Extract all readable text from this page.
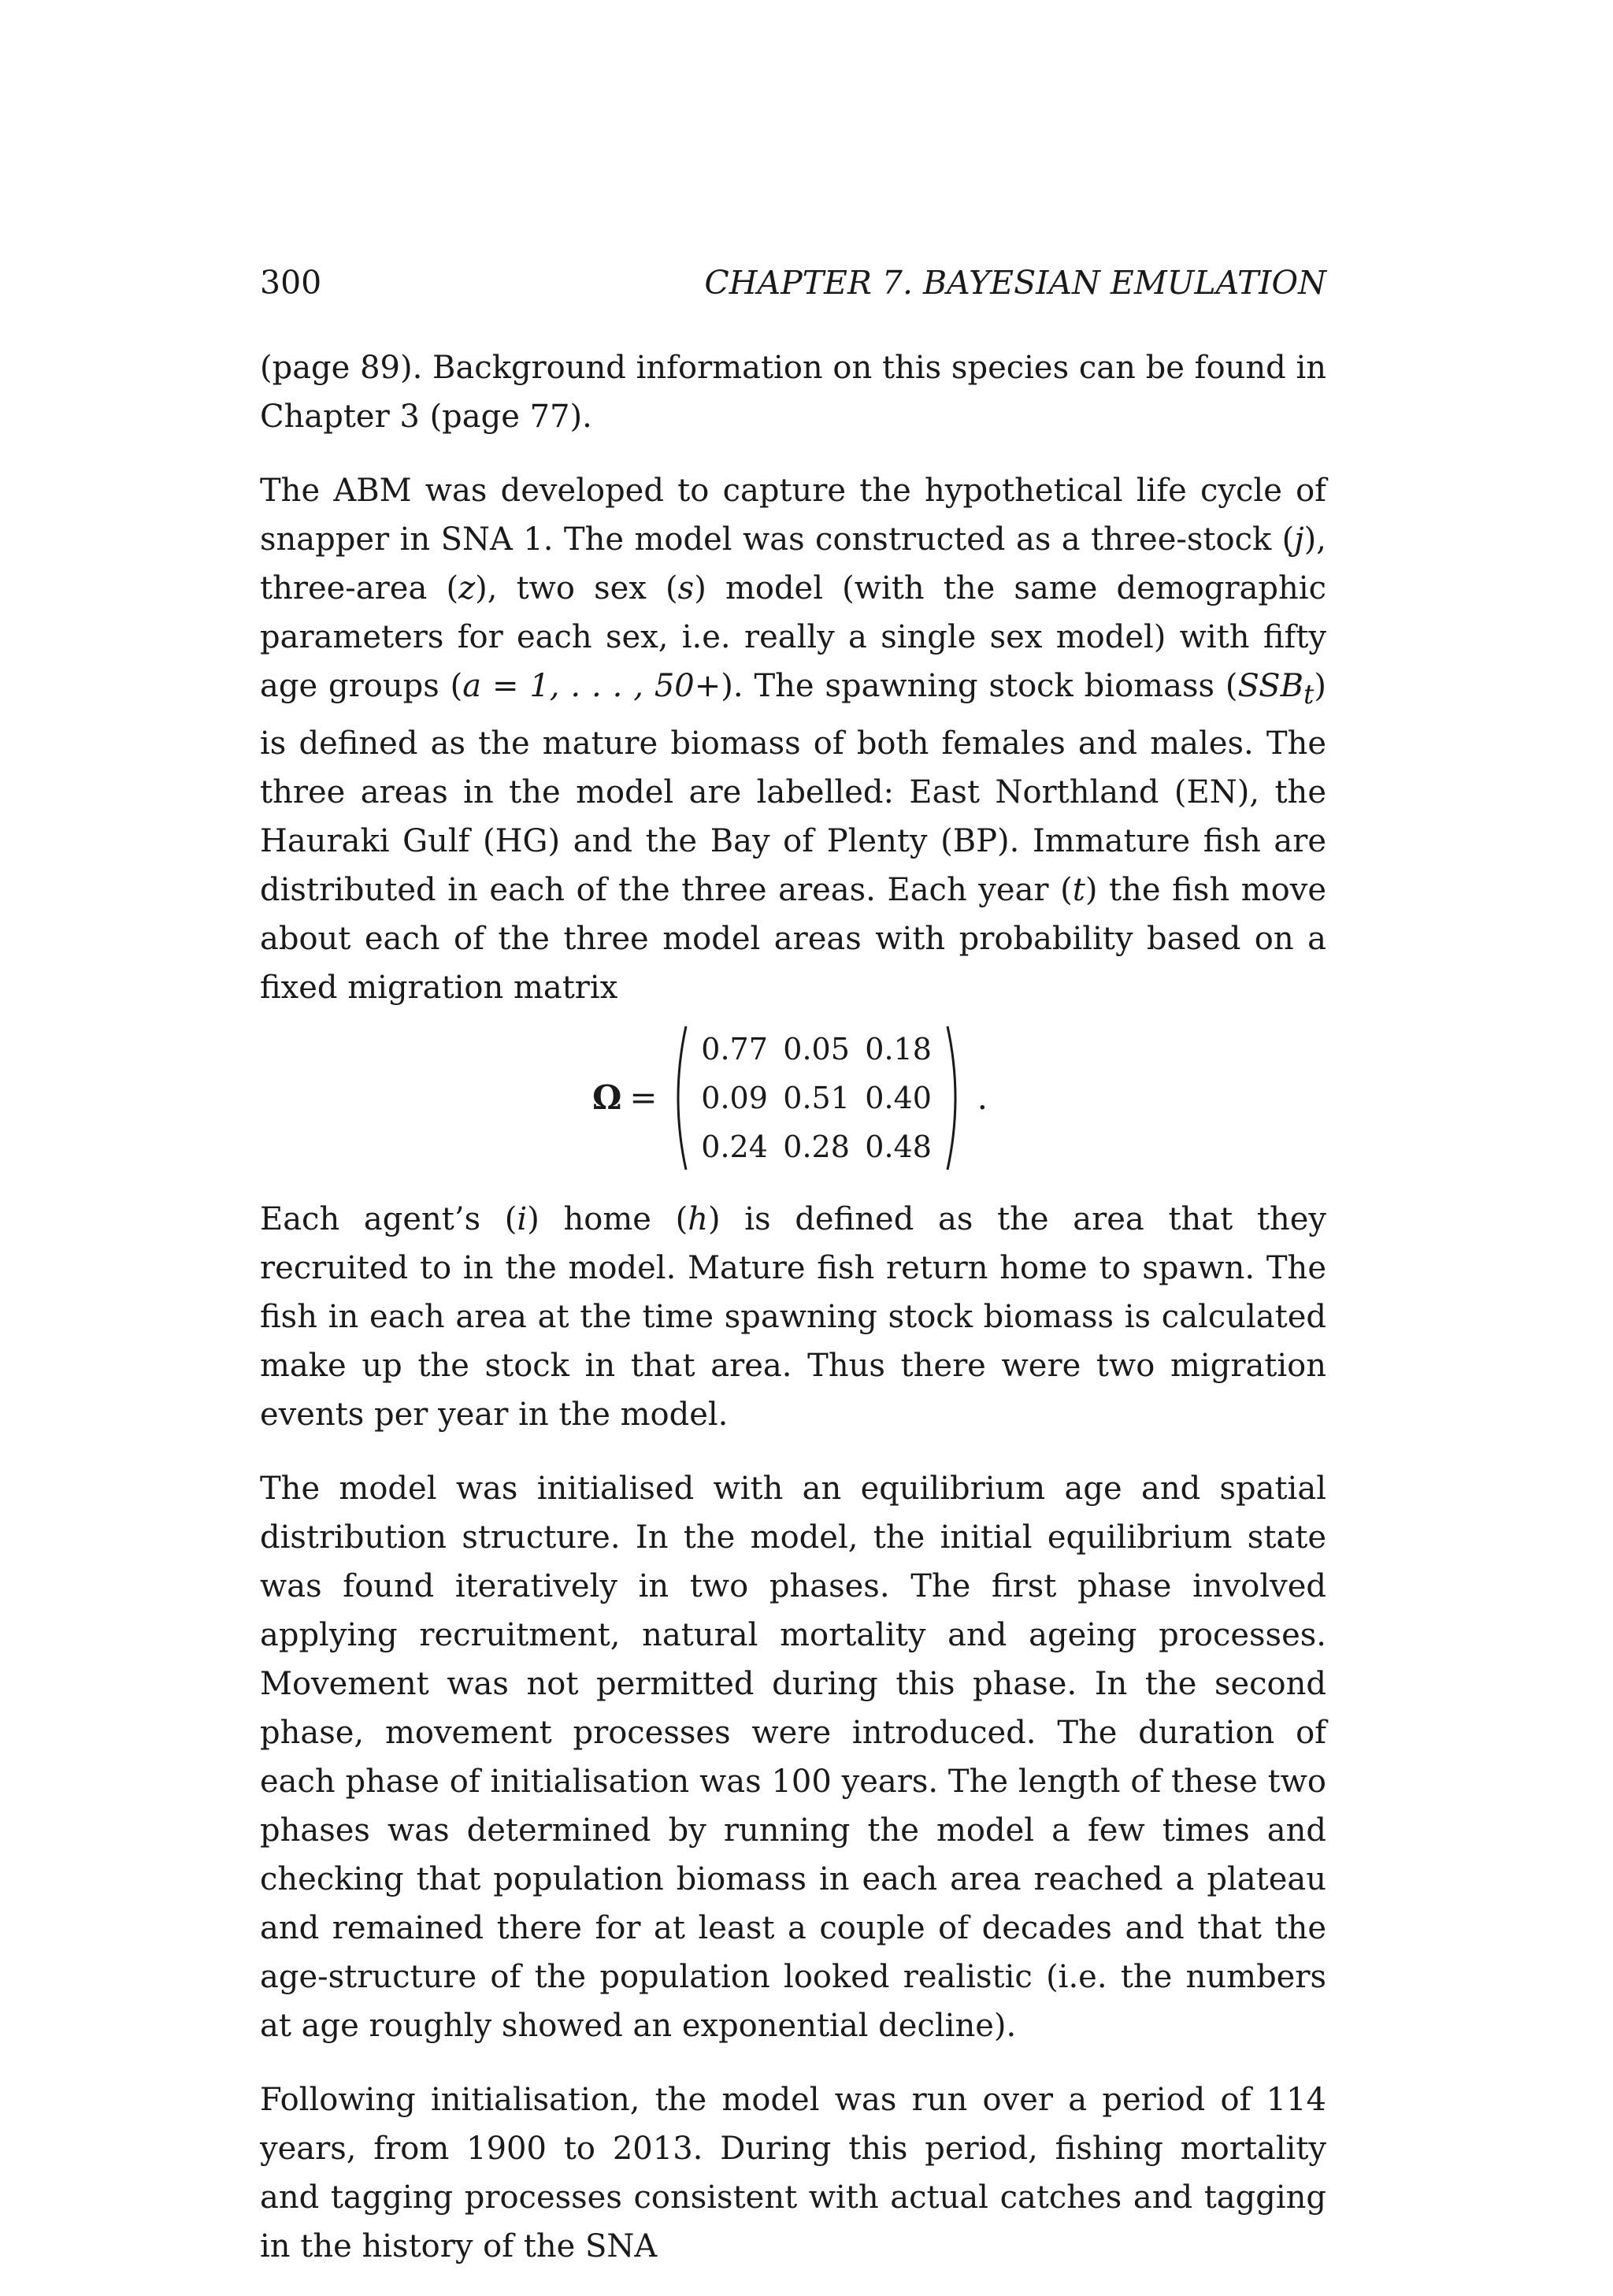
300	CHAPTER 7. BAYESIAN EMULATION

(page 89). Background information on this species can be found in Chapter 3 (page 77).

The ABM was developed to capture the hypothetical life cycle of snapper in SNA 1. The model was constructed as a three-stock (j), three-area (z), two sex (s) model (with the same demographic parameters for each sex, i.e. really a single sex model) with fifty age groups (a = 1, . . . , 50+). The spawning stock biomass $(SSB_t)$ is defined as the mature biomass of both females and males. The three areas in the model are labelled: East Northland (EN), the Hauraki Gulf (HG) and the Bay of Plenty (BP). Immature fish are distributed in each of the three areas. Each year (t) the fish move about each of the three model areas with probability based on a fixed migration matrix

Ω =
0.77 0.05 0.18
0.09 0.51 0.40
0.24 0.28 0.48
.

Each agent’s (i) home (h) is defined as the area that they recruited to in the model. Mature fish return home to spawn. The fish in each area at the time spawning stock biomass is calculated make up the stock in that area. Thus there were two migration events per year in the model.

The model was initialised with an equilibrium age and spatial distribution structure. In the model, the initial equilibrium state was found iteratively in two phases. The first phase involved applying recruitment, natural mortality and ageing processes. Movement was not permitted during this phase. In the second phase, movement processes were introduced. The duration of each phase of initialisation was 100 years. The length of these two phases was determined by running the model a few times and checking that population biomass in each area reached a plateau and remained there for at least a couple of decades and that the age-structure of the population looked realistic (i.e. the numbers at age roughly showed an exponential decline).

Following initialisation, the model was run over a period of 114 years, from 1900 to 2013. During this period, fishing mortality and tagging processes consistent with actual catches and tagging in the history of the SNA
